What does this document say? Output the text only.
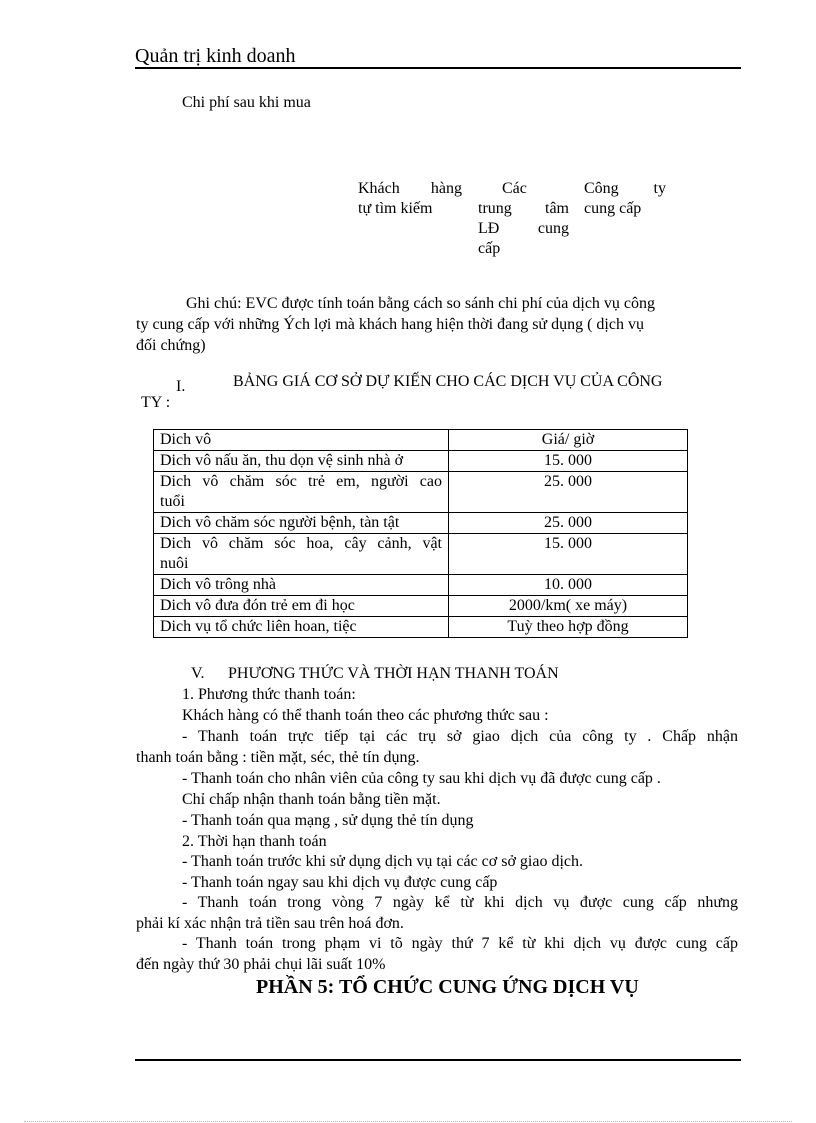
Quản trị kinh doanh
Chi phí sau khi mua
Khách hàng
tự tìm kiếm
Các
trung tâm
LĐ cung
cấp
Công ty
cung cấp
Ghi chú: EVC được tính toán bằng cách so sánh chi phí của dịch vụ công
ty cung cấp với những Ých lợi mà khách hang hiện thời đang sử dụng ( dịch vụ
đối chứng)
I.	BẢNG GIÁ CƠ SỞ DỰ KIẾN CHO CÁC DỊCH VỤ CỦA CÔNG
TY :
Dich vô	Giá/ giờ
Dich vô nấu ăn, thu dọn vệ sinh nhà ở	15. 000

Dich vô chăm sóc trẻ em, người cao
tuổi	25. 000
Dich vô chăm sóc người bệnh, tàn tật	25. 000

Dich vô chăm sóc hoa, cây cảnh, vật
nuôi	15. 000
Dich vô trông nhà	10. 000
Dich vô đưa đón trẻ em đi học	2000/km( xe máy)
Dich vụ tổ chức liên hoan, tiệc	Tuỳ theo hợp đồng
V. PHƯƠNG THỨC VÀ THỜI HẠN THANH TOÁN
1. Phương thức thanh toán:
Khách hàng có thể thanh toán theo các phương thức sau :
- Thanh toán trực tiếp tại các trụ sở giao dịch của công ty . Chấp nhận
thanh toán bằng : tiền mặt, séc, thẻ tín dụng.
- Thanh toán cho nhân viên của công ty sau khi dịch vụ đã được cung cấp .
Chỉ chấp nhận thanh toán bằng tiền mặt.
- Thanh toán qua mạng , sử dụng thẻ tín dụng
2. Thời hạn thanh toán
- Thanh toán trước khi sử dụng dịch vụ tại các cơ sở giao dịch.
- Thanh toán ngay sau khi dịch vụ được cung cấp
- Thanh toán trong vòng 7 ngày kể từ khi dịch vụ được cung cấp nhưng
phải kí xác nhận trả tiền sau trên hoá đơn.
- Thanh toán trong phạm vi tõ ngày thứ 7 kể từ khi dịch vụ được cung cấp
đến ngày thứ 30 phải chụi lãi suất 10%
PHẦN 5: TỔ CHỨC CUNG ỨNG DỊCH VỤ
